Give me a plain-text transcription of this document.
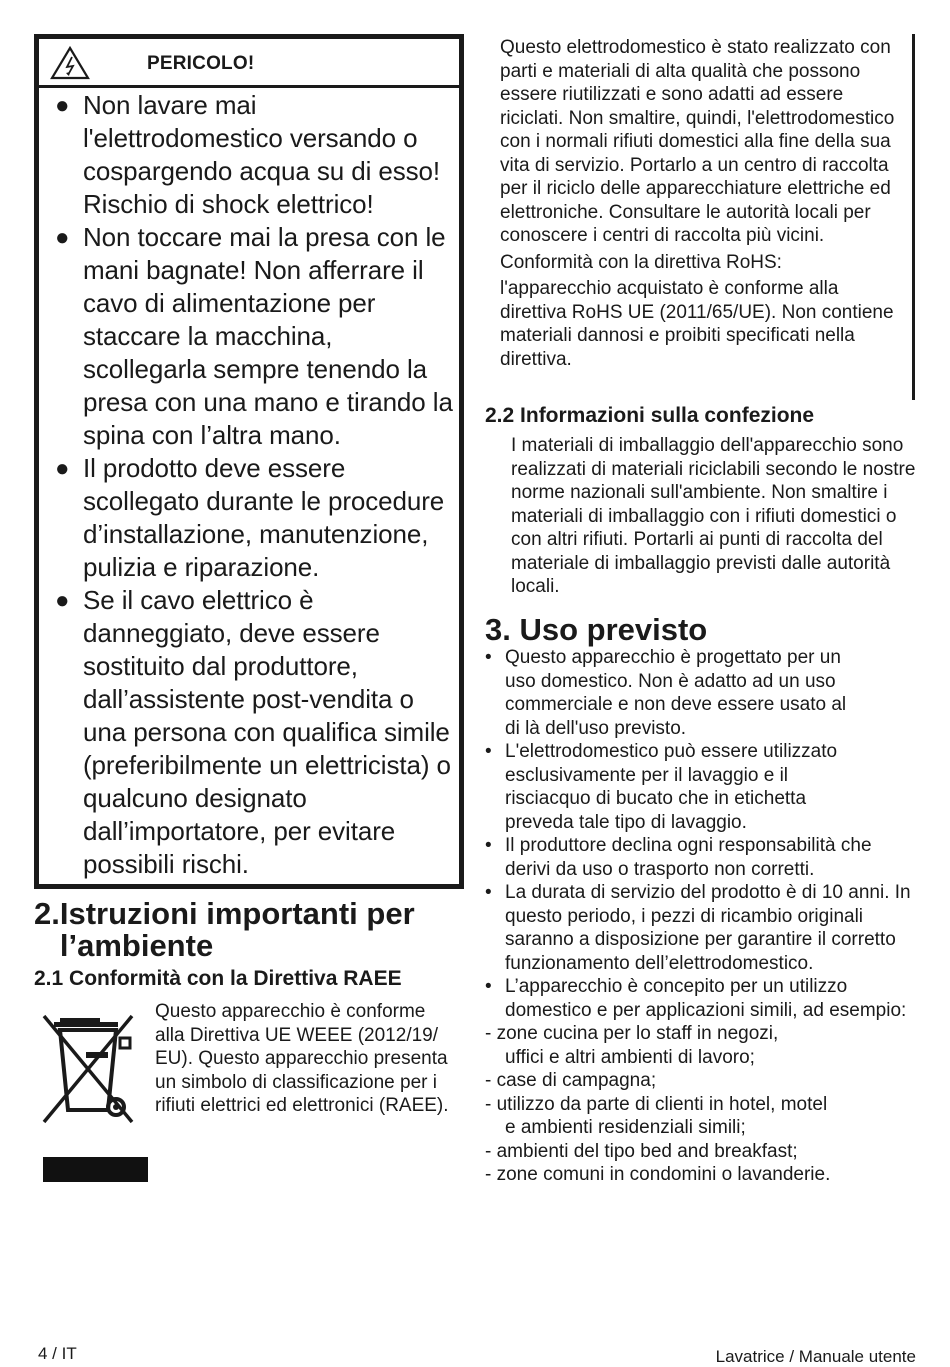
PERICOLO!
● Non lavare mai l'elettrodomestico versando o cospargendo acqua su di esso! Rischio di shock elettrico!
● Non toccare mai la presa con le mani bagnate! Non afferrare il cavo di alimentazione per staccare la macchina, scollegarla sempre tenendo la presa con una mano e tirando la spina con l’altra mano.
● Il prodotto deve essere scollegato durante le procedure d’installazione, manutenzione, pulizia e riparazione.
● Se il cavo elettrico è danneggiato, deve essere sostituito dal produttore, dall’assistente post-vendita o una persona con qualifica simile (preferibilmente un elettricista) o qualcuno designato dall’importatore, per evitare possibili rischi.
2.Istruzioni importanti per l’ambiente
2.1 Conformità con la Direttiva RAEE
Questo apparecchio è conforme alla Direttiva UE WEEE (2012/19/ EU). Questo apparecchio presenta un simbolo di classificazione per i rifiuti elettrici ed elettronici (RAEE).

Questo elettrodomestico è stato realizzato con parti e materiali di alta qualità che possono essere riutilizzati e sono adatti ad essere riciclati. Non smaltire, quindi, l'elettrodomestico con i normali rifiuti domestici alla fine della sua vita di servizio. Portarlo a un centro di raccolta per il riciclo delle apparecchiature elettriche ed elettroniche. Consultare le autorità locali per conoscere i centri di raccolta più vicini.

Conformità con la direttiva RoHS:

l'apparecchio acquistato è conforme alla direttiva RoHS UE (2011/65/UE). Non contiene materiali dannosi e proibiti specificati nella direttiva.

2.2 Informazioni sulla confezione
I materiali di imballaggio dell'apparecchio sono realizzati di materiali riciclabili secondo le nostre norme nazionali sull'ambiente. Non smaltire i materiali di imballaggio con i rifiuti domestici o con altri rifiuti. Portarli ai punti di raccolta del materiale di imballaggio previsti dalle autorità locali.
3. Uso previsto
• Questo apparecchio è progettato per un uso domestico. Non è adatto ad un uso commerciale e non deve essere usato al di là dell'uso previsto.
• L'elettrodomestico può essere utilizzato esclusivamente per il lavaggio e il risciacquo di bucato che in etichetta preveda tale tipo di lavaggio.
• Il produttore declina ogni responsabilità che derivi da uso o trasporto non corretti.
• La durata di servizio del prodotto è di 10 anni. In questo periodo, i pezzi di ricambio originali saranno a disposizione per garantire il corretto funzionamento dell’elettrodomestico.
• L’apparecchio è concepito per un utilizzo domestico e per applicazioni simili, ad esempio:
- zone cucina per lo staff in negozi,
uffici e altri ambienti di lavoro;
- case di campagna;
- utilizzo da parte di clienti in hotel, motel
e ambienti residenziali simili;
- ambienti del tipo bed and breakfast;
- zone comuni in condomini o lavanderie.
4 / IT	Lavatrice / Manuale utente
